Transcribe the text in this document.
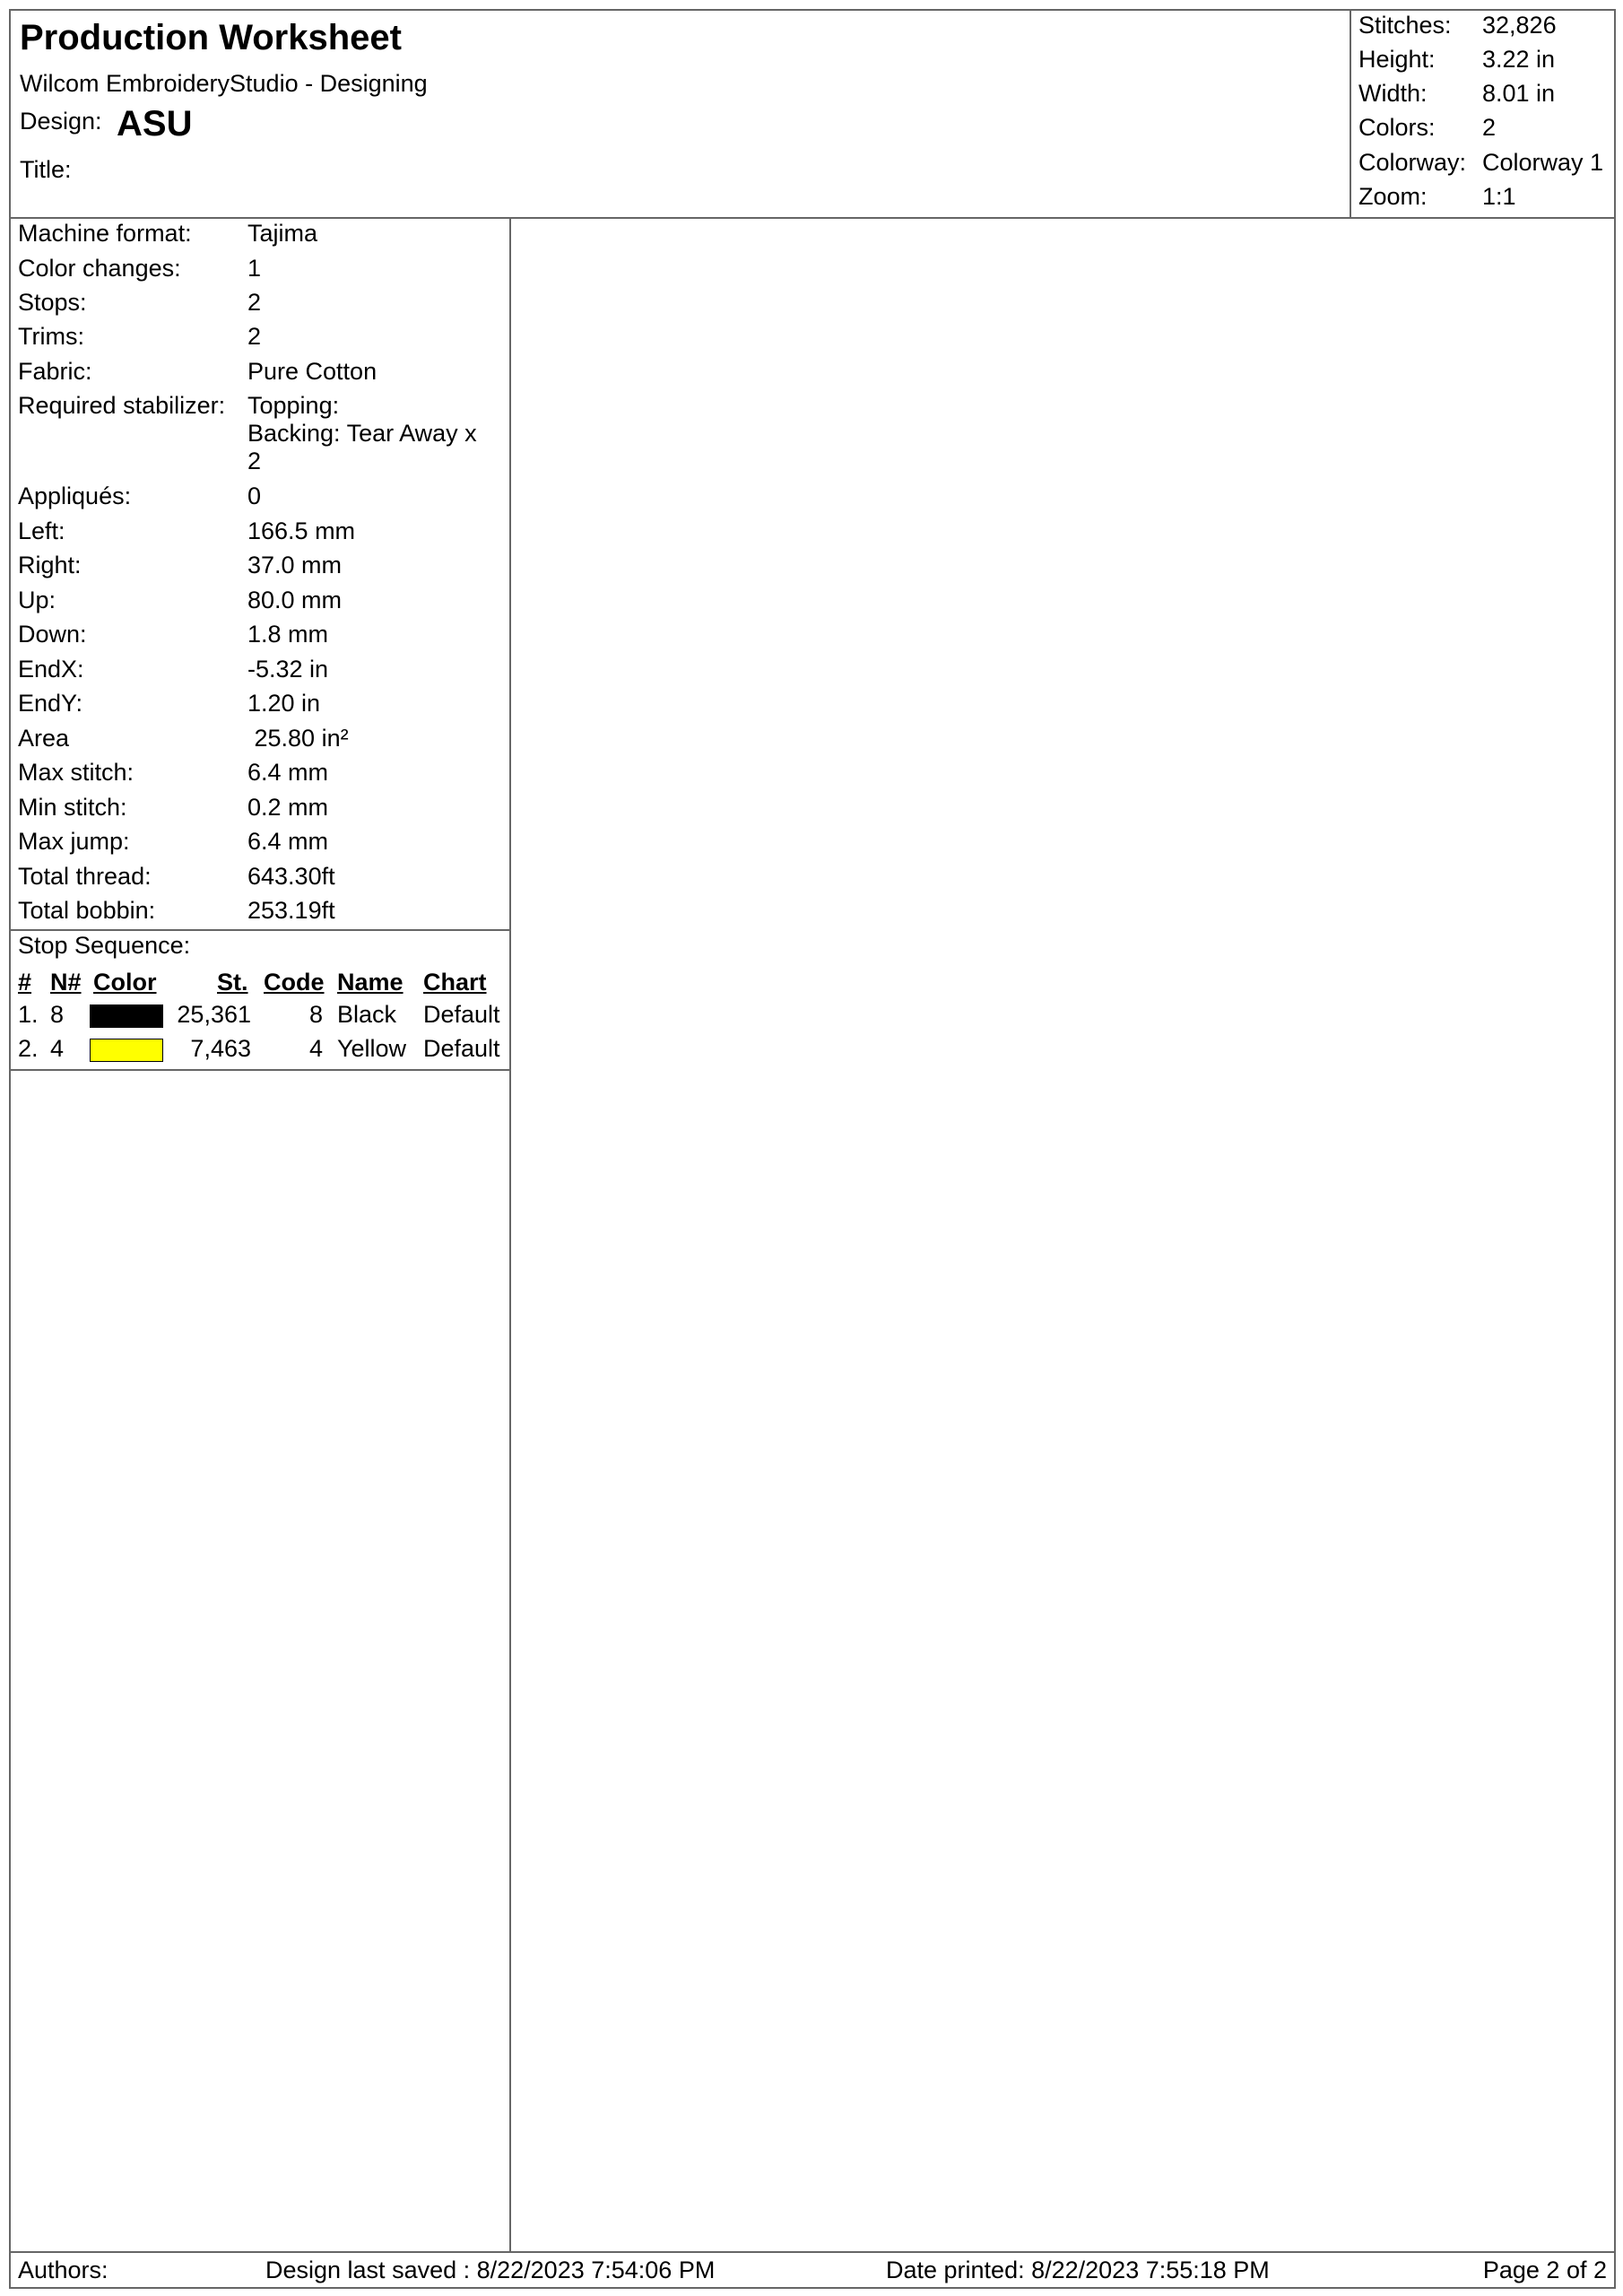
Production Worksheet
Wilcom EmbroideryStudio - Designing
Design: ASU
Title:
Stitches: 32,826
Height: 3.22 in
Width: 8.01 in
Colors: 2
Colorway: Colorway 1
Zoom: 1:1
Machine format: Tajima
Color changes:	1
Stops:	2
Trims:	2
Fabric:	Pure Cotton
Required stabilizer: Topping:
Backing: Tear Away x
2
Appliqués:	0
Left:	166.5 mm
Right:	37.0 mm
Up:	80.0 mm
Down:	1.8 mm
EndX:	-5.32 in
EndY:	1.20 in
Area	25.80 in²
Max stitch:	6.4 mm
Min stitch:	0.2 mm
Max jump:	6.4 mm
Total thread:	643.30ft
Total bobbin:	253.19ft
Stop Sequence:
# N# Color	St. Code Name Chart
1. 8	25,361	8 Black Default
2. 4	7,463	4 Yellow Default
Authors:	Design last saved : 8/22/2023 7:54:06 PM	Date printed: 8/22/2023 7:55:18 PM	Page 2 of 2
